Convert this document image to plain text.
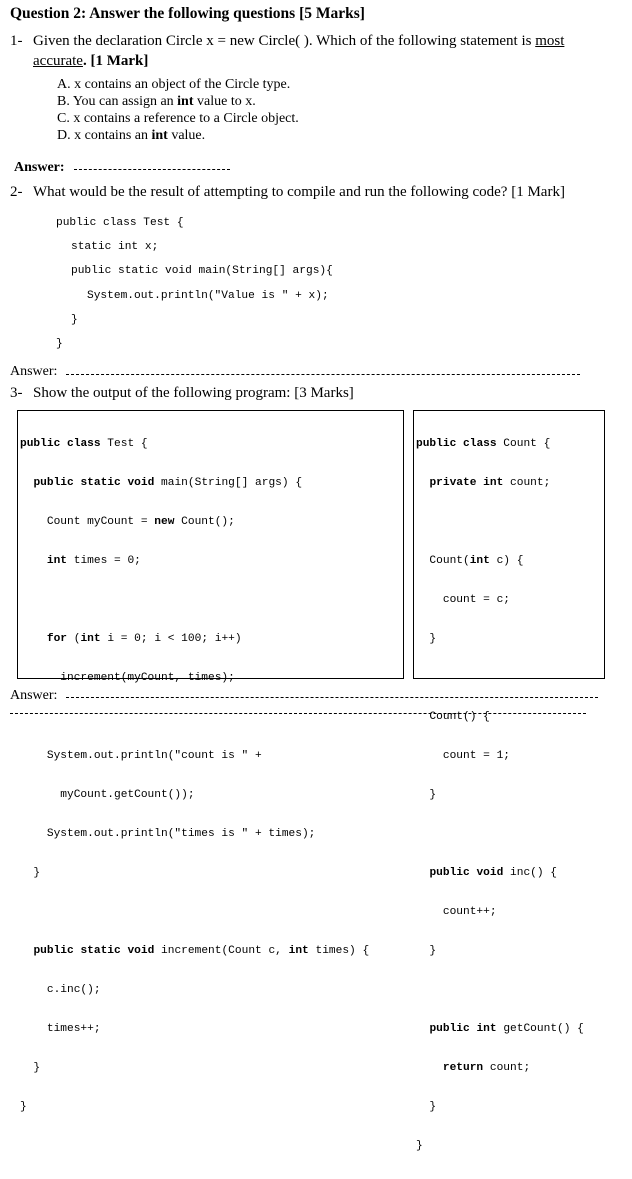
Question 2: Answer the following questions [5 Marks]
1- Given the declaration Circle x = new Circle( ). Which of the following statement is most
accurate. [1 Mark]
A. x contains an object of the Circle type.
B. You can assign an int value to x.
C. x contains a reference to a Circle object.
D. x contains an int value.
Answer:
2- What would be the result of attempting to compile and run the following code? [1 Mark]
public class Test {
static int x;
public static void main(String[] args){
System.out.println("Value is " + x);
}
}
Answer:
3- Show the output of the following program: [3 Marks]

public class Test {

public static void main(String[] args) {

Count myCount = new Count();

int times = 0;

for (int i = 0; i < 100; i++)

increment(myCount, times);

System.out.println("count is " +

myCount.getCount());

System.out.println("times is " + times);

}

public static void increment(Count c, int times) {

c.inc();

times++;

}

}

public class Count {

private int count;

Count(int c) {

count = c;

}

Count() {

count = 1;

}

public void inc() {

count++;

}

public int getCount() {

return count;

}

}

Answer:
